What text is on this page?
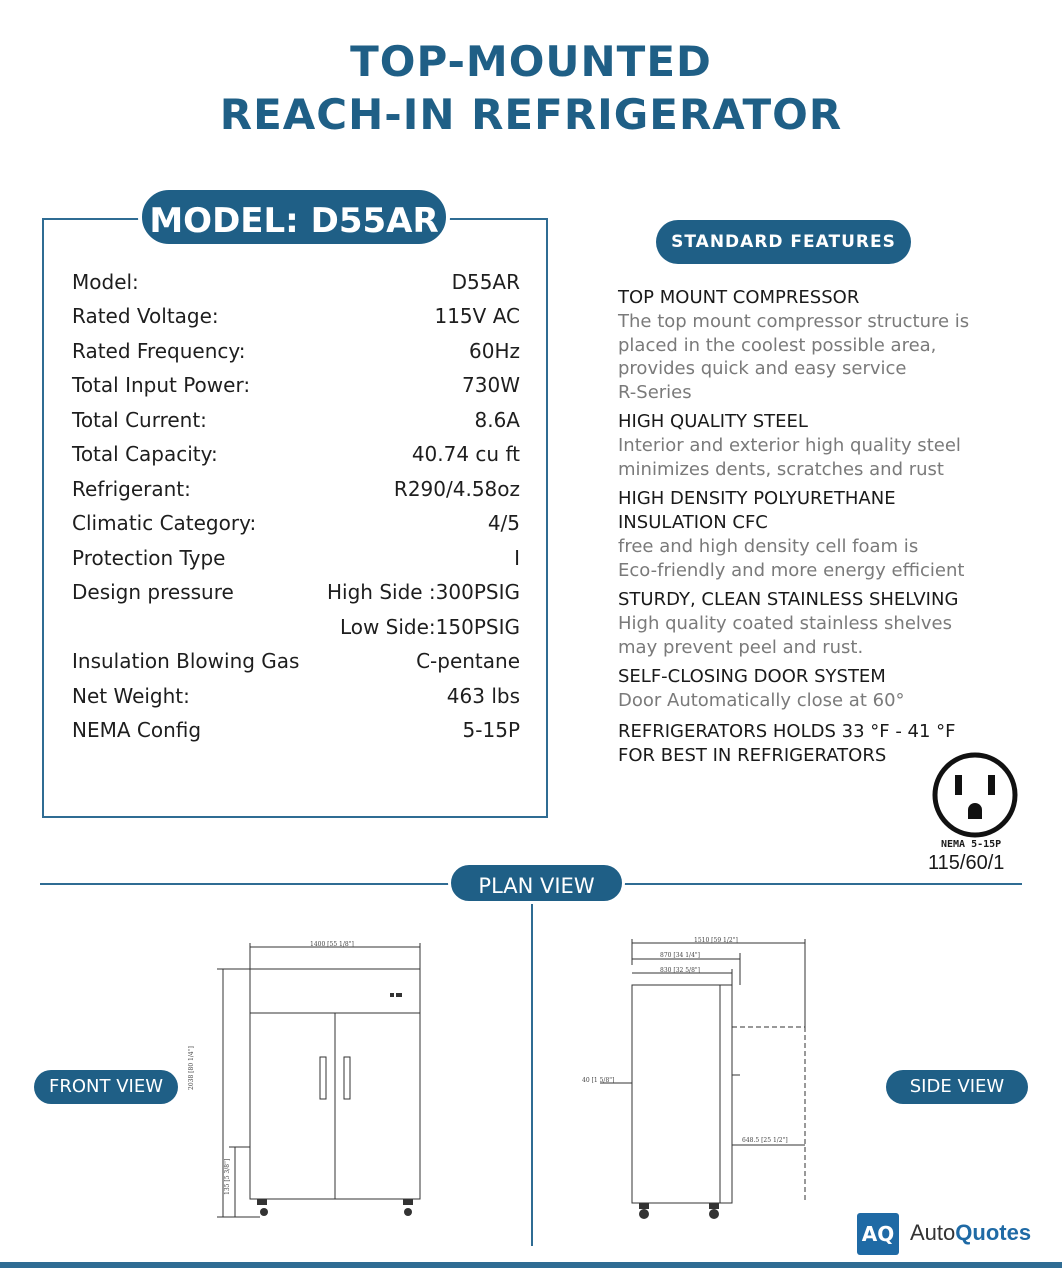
TOP-MOUNTED
REACH-IN REFRIGERATOR
MODEL: D55AR
Model:	D55AR
Rated Voltage:	115V AC
Rated Frequency:	60Hz
Total Input Power:	730W
Total Current:	8.6A
Total Capacity:	40.74 cu ft
Refrigerant:	R290/4.58oz
Climatic Category:	4/5
Protection Type	I
Design pressure	High Side :300PSIG
Low Side:150PSIG
Insulation Blowing Gas	C-pentane
Net Weight:	463 lbs
NEMA Config	5-15P
STANDARD FEATURES
TOP MOUNT COMPRESSOR
The top mount compressor structure is
placed in the coolest possible area,
provides quick and easy service
R-Series
HIGH QUALITY STEEL
Interior and exterior high quality steel
minimizes dents, scratches and rust
HIGH DENSITY POLYURETHANE
INSULATION CFC
free and high density cell foam is
Eco-friendly and more energy efficient
STURDY, CLEAN STAINLESS SHELVING
High quality coated stainless shelves
may prevent peel and rust.
SELF-CLOSING DOOR SYSTEM
Door Automatically close at 60°
REFRIGERATORS HOLDS 33 °F - 41 °F
FOR BEST IN REFRIGERATORS
NEMA 5-15P
115/60/1
PLAN VIEW
FRONT VIEW	SIDE VIEW
1400 [55 1/8"]
2038 [80 1/4"]
135 [5 3/8"]
1510 [59 1/2"]
870 [34 1/4"]
830 [32 5/8"]
40 [1 5/8"]
648.5 [25 1/2"]
AQ AutoQuotes
